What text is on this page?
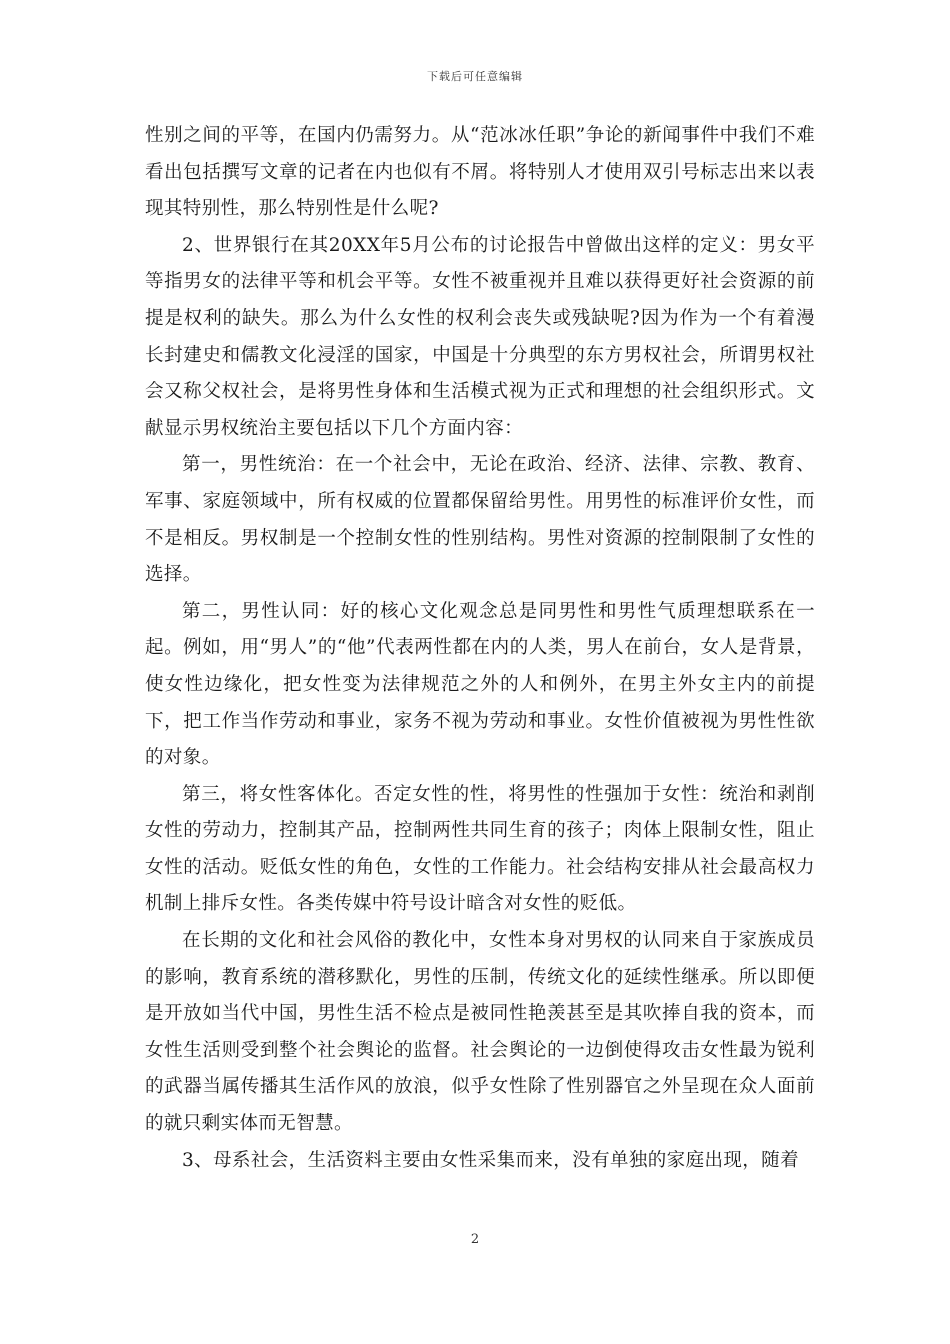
下载后可任意编辑

性别之间的平等，在国内仍需努力。从“范冰冰任职”争论的新闻事件中我们不难看出包括撰写文章的记者在内也似有不屑。将特别人才使用双引号标志出来以表现其特别性，那么特别性是什么呢?

2、世界银行在其20XX年5月公布的讨论报告中曾做出这样的定义：男女平等指男女的法律平等和机会平等。女性不被重视并且难以获得更好社会资源的前提是权利的缺失。那么为什么女性的权利会丧失或残缺呢?因为作为一个有着漫长封建史和儒教文化浸淫的国家，中国是十分典型的东方男权社会，所谓男权社会又称父权社会，是将男性身体和生活模式视为正式和理想的社会组织形式。文献显示男权统治主要包括以下几个方面内容：

第一，男性统治：在一个社会中，无论在政治、经济、法律、宗教、教育、军事、家庭领域中，所有权威的位置都保留给男性。用男性的标准评价女性，而不是相反。男权制是一个控制女性的性别结构。男性对资源的控制限制了女性的选择。

第二，男性认同：好的核心文化观念总是同男性和男性气质理想联系在一起。例如，用“男人”的“他”代表两性都在内的人类，男人在前台，女人是背景，使女性边缘化，把女性变为法律规范之外的人和例外，在男主外女主内的前提下，把工作当作劳动和事业，家务不视为劳动和事业。女性价值被视为男性性欲的对象。

第三，将女性客体化。否定女性的性，将男性的性强加于女性：统治和剥削女性的劳动力，控制其产品，控制两性共同生育的孩子；肉体上限制女性，阻止女性的活动。贬低女性的角色，女性的工作能力。社会结构安排从社会最高权力机制上排斥女性。各类传媒中符号设计暗含对女性的贬低。

在长期的文化和社会风俗的教化中，女性本身对男权的认同来自于家族成员的影响，教育系统的潜移默化，男性的压制，传统文化的延续性继承。所以即便是开放如当代中国，男性生活不检点是被同性艳羡甚至是其吹捧自我的资本，而女性生活则受到整个社会舆论的监督。社会舆论的一边倒使得攻击女性最为锐利的武器当属传播其生活作风的放浪，似乎女性除了性别器官之外呈现在众人面前的就只剩实体而无智慧。

3、母系社会，生活资料主要由女性采集而来，没有单独的家庭出现，随着

2
